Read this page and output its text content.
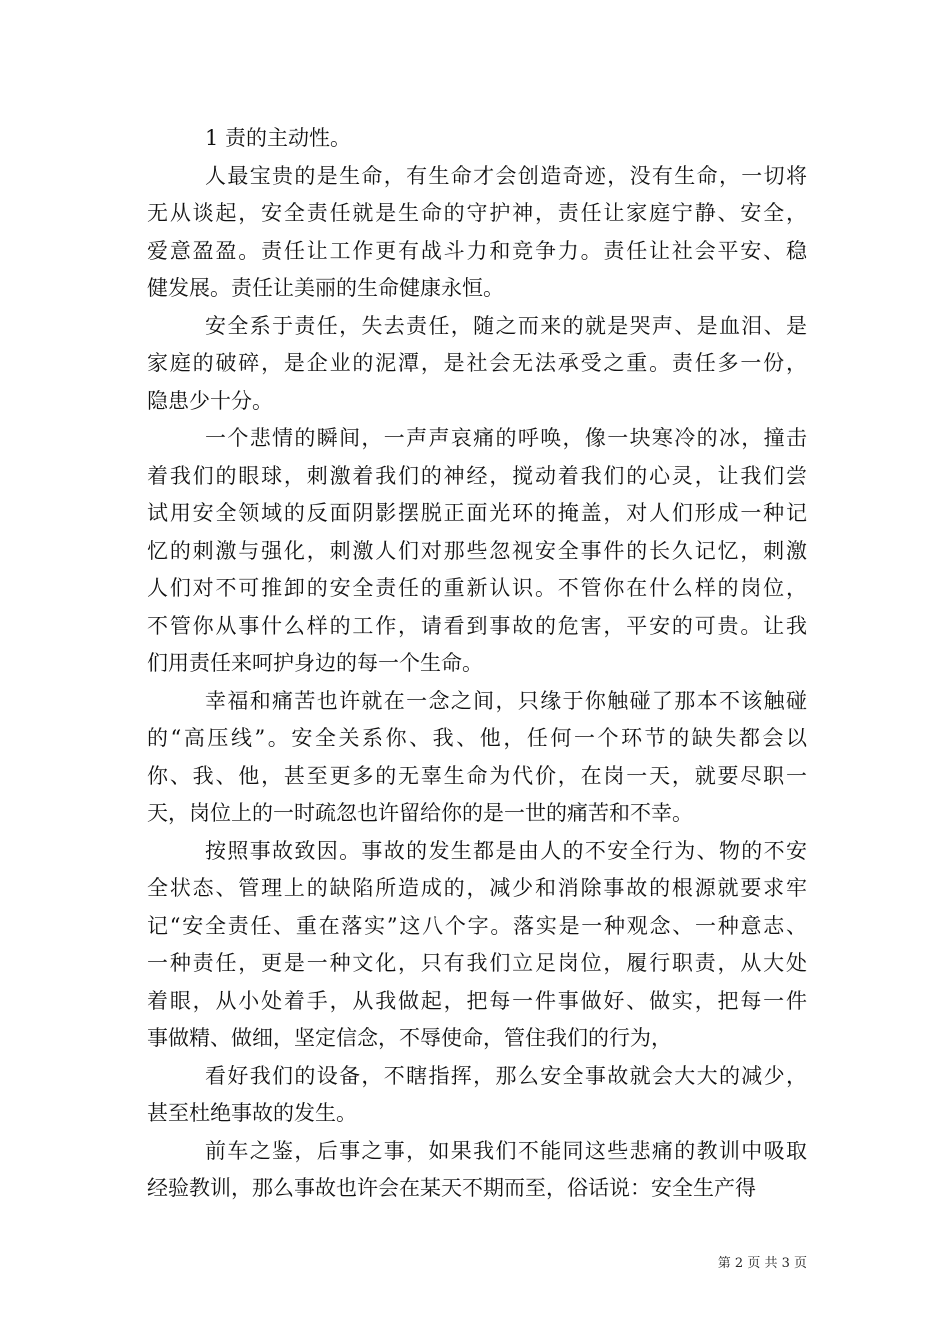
1 责的主动性。
人最宝贵的是生命，有生命才会创造奇迹，没有生命，一切将
无从谈起，安全责任就是生命的守护神，责任让家庭宁静、安全，
爱意盈盈。责任让工作更有战斗力和竞争力。责任让社会平安、稳
健发展。责任让美丽的生命健康永恒。
安全系于责任，失去责任，随之而来的就是哭声、是血泪、是
家庭的破碎，是企业的泥潭，是社会无法承受之重。责任多一份，
隐患少十分。
一个悲情的瞬间，一声声哀痛的呼唤，像一块寒冷的冰，撞击
着我们的眼球，刺激着我们的神经，搅动着我们的心灵，让我们尝
试用安全领域的反面阴影摆脱正面光环的掩盖，对人们形成一种记
忆的刺激与强化，刺激人们对那些忽视安全事件的长久记忆，刺激
人们对不可推卸的安全责任的重新认识。不管你在什么样的岗位，
不管你从事什么样的工作，请看到事故的危害，平安的可贵。让我
们用责任来呵护身边的每一个生命。
幸福和痛苦也许就在一念之间，只缘于你触碰了那本不该触碰
的“高压线”。安全关系你、我、他，任何一个环节的缺失都会以
你、我、他，甚至更多的无辜生命为代价，在岗一天，就要尽职一
天，岗位上的一时疏忽也许留给你的是一世的痛苦和不幸。
按照事故致因。事故的发生都是由人的不安全行为、物的不安
全状态、管理上的缺陷所造成的，减少和消除事故的根源就要求牢
记“安全责任、重在落实”这八个字。落实是一种观念、一种意志、
一种责任，更是一种文化，只有我们立足岗位，履行职责，从大处
着眼，从小处着手，从我做起，把每一件事做好、做实，把每一件
事做精、做细，坚定信念，不辱使命，管住我们的行为，
看好我们的设备，不瞎指挥，那么安全事故就会大大的减少，
甚至杜绝事故的发生。
前车之鉴，后事之事，如果我们不能同这些悲痛的教训中吸取
经验教训，那么事故也许会在某天不期而至，俗话说：安全生产得
第 2 页 共 3 页
